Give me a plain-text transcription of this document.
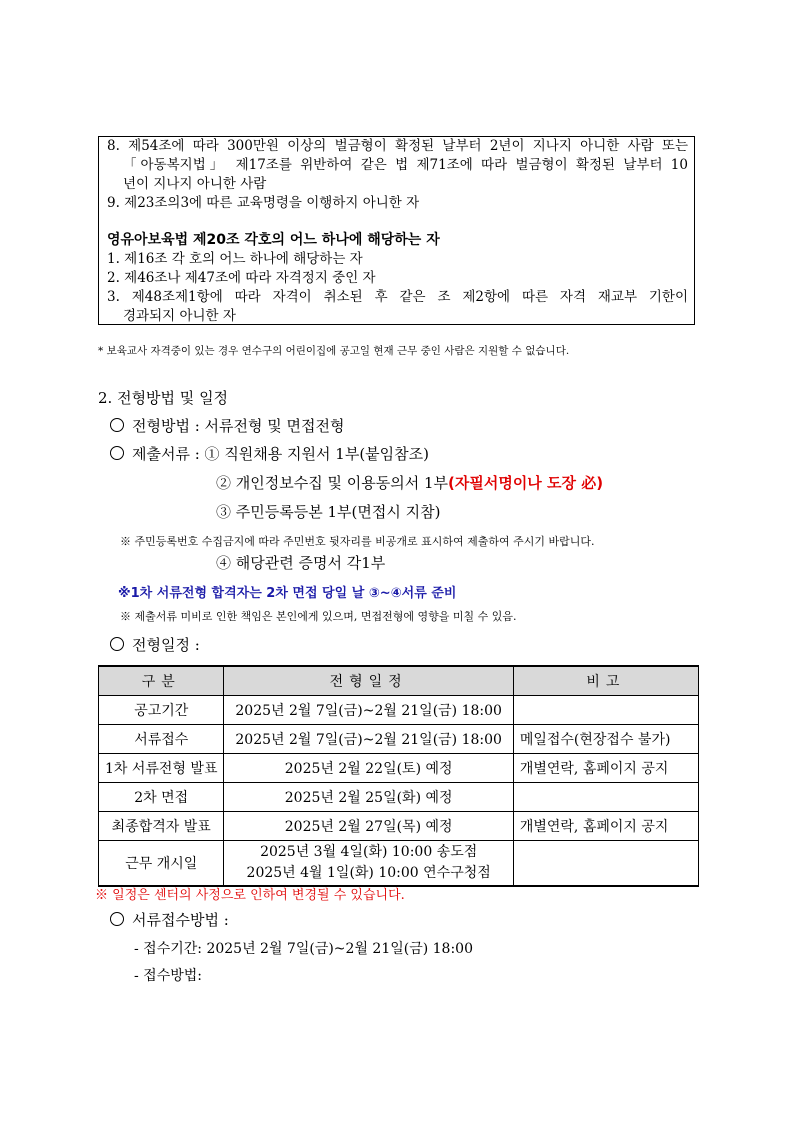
8. 제54조에 따라 300만원 이상의 벌금형이 확정된 날부터 2년이 지나지 아니한 사람 또는
「아동복지법」 제17조를 위반하여 같은 법 제71조에 따라 벌금형이 확정된 날부터 10
년이 지나지 아니한 사람
9. 제23조의3에 따른 교육명령을 이행하지 아니한 자
영유아보육법 제20조 각호의 어느 하나에 해당하는 자
1. 제16조 각 호의 어느 하나에 해당하는 자
2. 제46조나 제47조에 따라 자격정지 중인 자
3. 제48조제1항에 따라 자격이 취소된 후 같은 조 제2항에 따른 자격 재교부 기한이
경과되지 아니한 자
* 보육교사 자격중이 있는 경우 연수구의 어린이집에 공고일 현재 근무 중인 사람은 지원할 수 없습니다.
2. 전형방법 및 일정
전형방법 : 서류전형 및 면접전형
제출서류 : ① 직원채용 지원서 1부(붙임참조)
② 개인정보수집 및 이용동의서 1부(자필서명이나 도장 必)
③ 주민등록등본 1부(면접시 지참)
※ 주민등록번호 수집금지에 따라 주민번호 뒷자리를 비공개로 표시하여 제출하여 주시기 바랍니다.
④ 해당관련 증명서 각1부
※1차 서류전형 합격자는 2차 면접 당일 날 ③~④서류 준비
※ 제출서류 미비로 인한 책임은 본인에게 있으며, 면접전형에 영향을 미칠 수 있음.
전형일정 :
구분	전형일정	비고
공고기간	2025년 2월 7일(금)~2월 21일(금) 18:00	
서류접수	2025년 2월 7일(금)~2월 21일(금) 18:00	메일접수(현장접수 불가)
1차 서류전형 발표	2025년 2월 22일(토) 예정	개별연락, 홈페이지 공지
2차 면접	2025년 2월 25일(화) 예정	
최종합격자 발표	2025년 2월 27일(목) 예정	개별연락, 홈페이지 공지
근무 개시일	2025년 3월 4일(화) 10:00 송도점
2025년 4월 1일(화) 10:00 연수구청점	

※ 일정은 센터의 사정으로 인하여 변경될 수 있습니다.
서류접수방법 :
- 접수기간: 2025년 2월 7일(금)~2월 21일(금) 18:00
- 접수방법:
